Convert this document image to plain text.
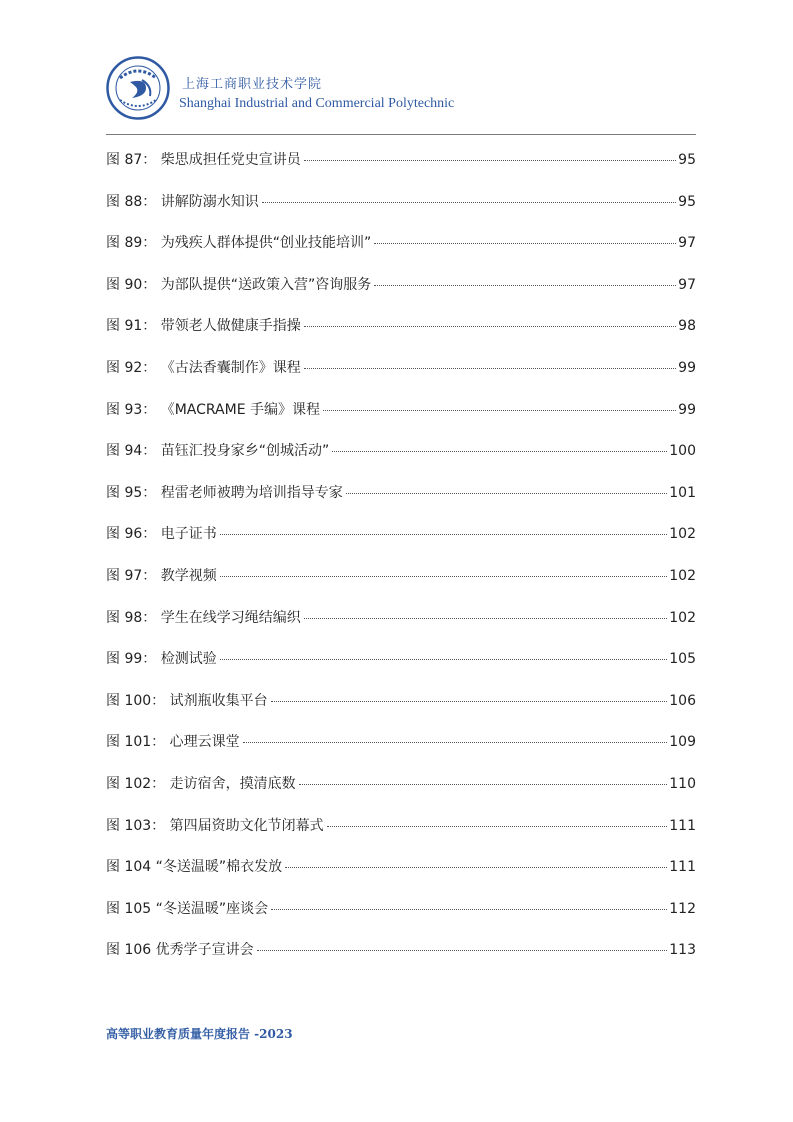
上海工商职业技术学院
Shanghai Industrial and Commercial Polytechnic
图 87： 柴思成担任党史宣讲员	95
图 88： 讲解防溺水知识	95
图 89： 为残疾人群体提供“创业技能培训”	97
图 90： 为部队提供“送政策入营”咨询服务	97
图 91： 带领老人做健康手指操	98
图 92： 《古法香囊制作》课程	99
图 93： 《MACRAME 手编》课程	99
图 94： 苗钰汇投身家乡“创城活动”	100
图 95： 程雷老师被聘为培训指导专家	101
图 96： 电子证书	102
图 97： 教学视频	102
图 98： 学生在线学习绳结编织	102
图 99： 检测试验	105
图 100： 试剂瓶收集平台	106
图 101： 心理云课堂	109
图 102： 走访宿舍，摸清底数	110
图 103： 第四届资助文化节闭幕式	111
图 104 “冬送温暖”棉衣发放	111
图 105 “冬送温暖”座谈会	112
图 106 优秀学子宣讲会	113
高等职业教育质量年度报告 -2023
